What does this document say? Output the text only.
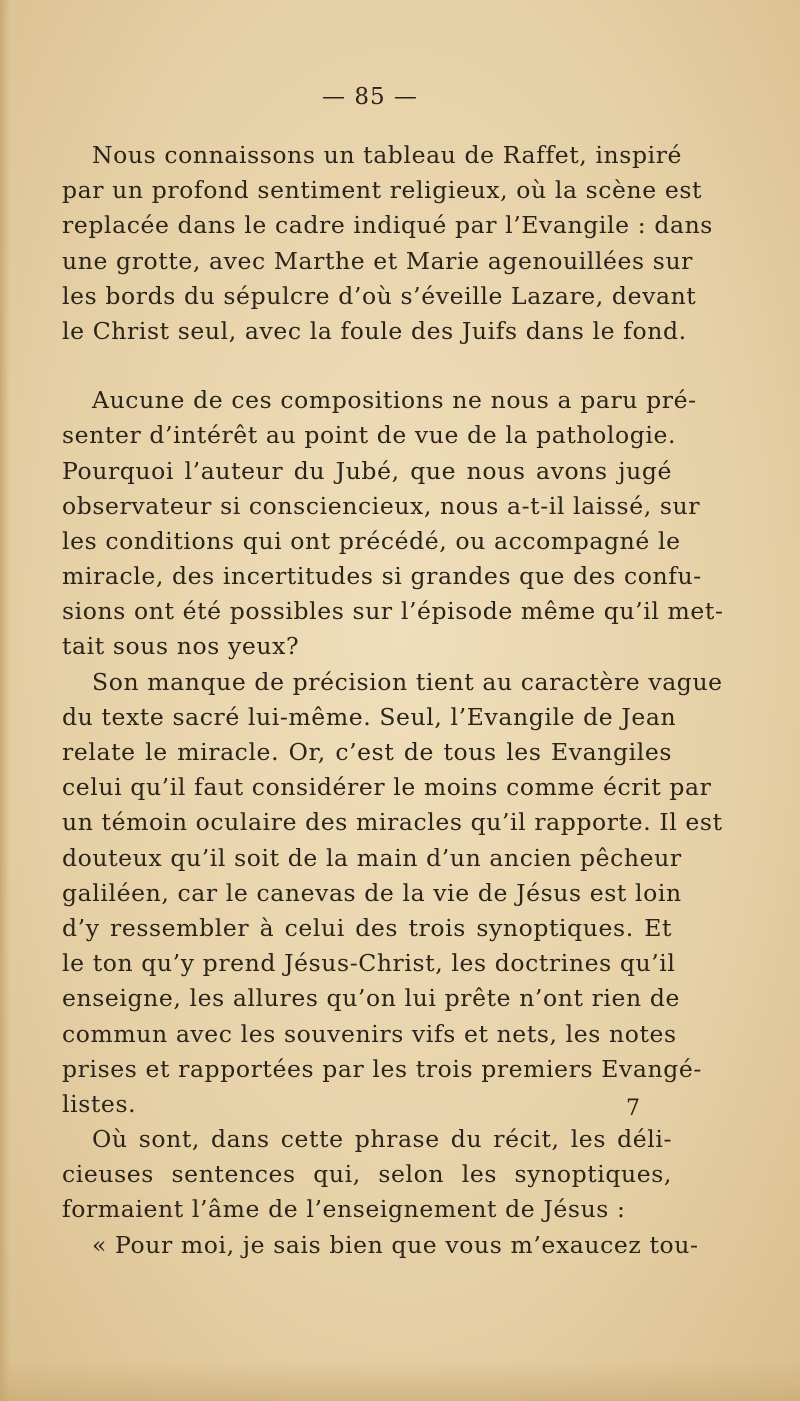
— 85 —
Nous connaissons un tableau de Raffet, inspiré
par un profond sentiment religieux, où la scène est
replacée dans le cadre indiqué par l’Evangile : dans
une grotte, avec Marthe et Marie agenouillées sur
les bords du sépulcre d’où s’éveille Lazare, devant
le Christ seul, avec la foule des Juifs dans le fond.
Aucune de ces compositions ne nous a paru pré-
senter d’intérêt au point de vue de la pathologie.
Pourquoi l’auteur du Jubé, que nous avons jugé
observateur si consciencieux, nous a-t-il laissé, sur
les conditions qui ont précédé, ou accompagné le
miracle, des incertitudes si grandes que des confu-
sions ont été possibles sur l’épisode même qu’il met-
tait sous nos yeux?
Son manque de précision tient au caractère vague
du texte sacré lui-même. Seul, l’Evangile de Jean
relate le miracle. Or, c’est de tous les Evangiles
celui qu’il faut considérer le moins comme écrit par
un témoin oculaire des miracles qu’il rapporte. Il est
douteux qu’il soit de la main d’un ancien pêcheur
galiléen, car le canevas de la vie de Jésus est loin
d’y ressembler à celui des trois synoptiques. Et
le ton qu’y prend Jésus-Christ, les doctrines qu’il
enseigne, les allures qu’on lui prête n’ont rien de
commun avec les souvenirs vifs et nets, les notes
prises et rapportées par les trois premiers Evangé-
listes.
Où sont, dans cette phrase du récit, les déli-
cieuses sentences qui, selon les synoptiques,
formaient l’âme de l’enseignement de Jésus :
« Pour moi, je sais bien que vous m’exaucez tou-
7
